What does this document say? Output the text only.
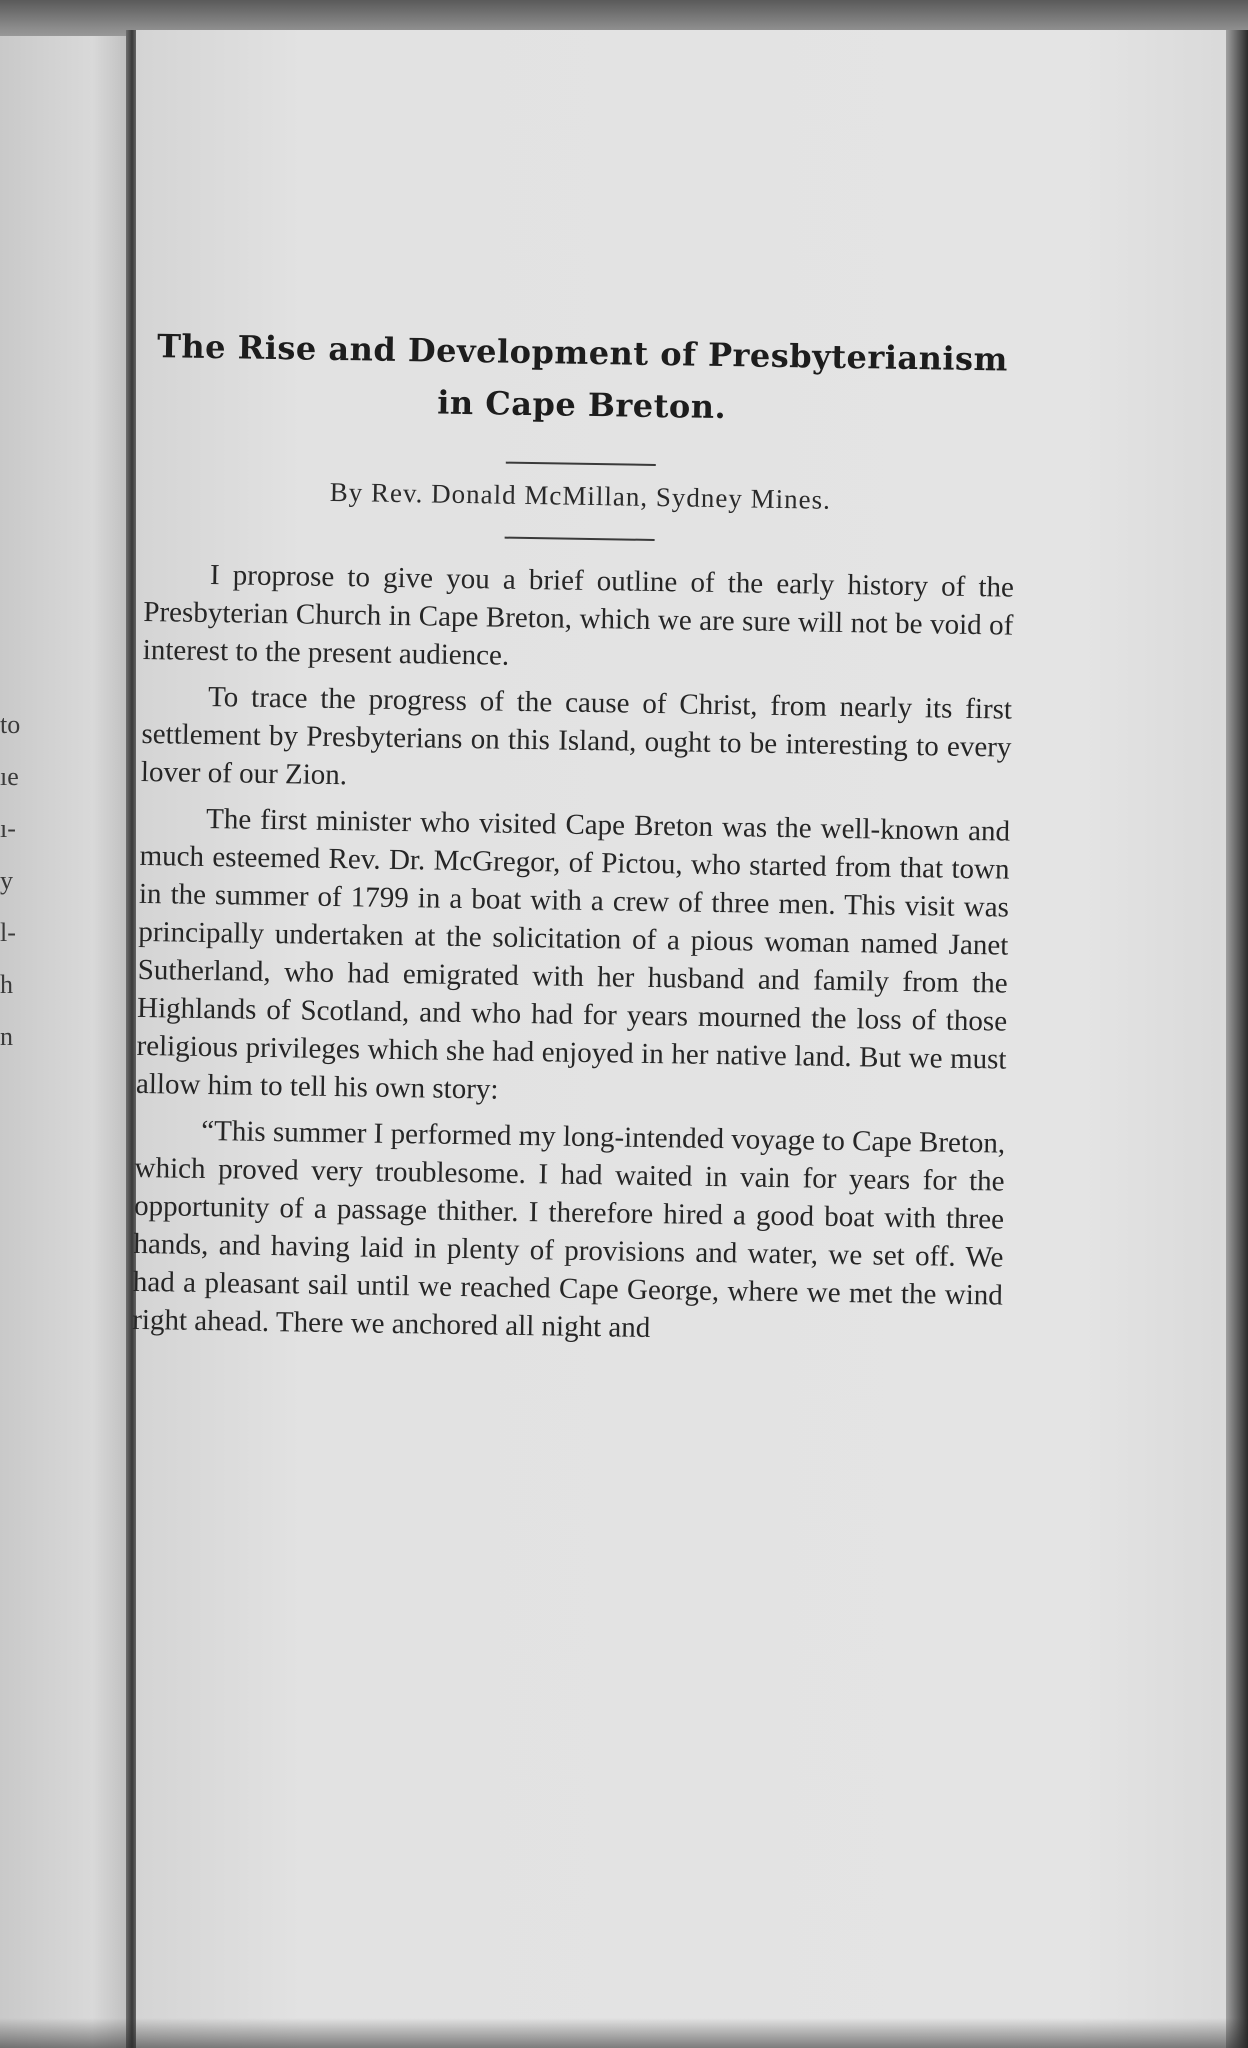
to
ıe
ı-
y
l-
h
n
The Rise and Development of Presbyterianism in Cape Breton.
By Rev. Donald McMillan, Sydney Mines.

I proprose to give you a brief outline of the early history of the Presbyterian Church in Cape Breton, which we are sure will not be void of interest to the present audience.

To trace the progress of the cause of Christ, from nearly its first settlement by Presbyterians on this Island, ought to be interesting to every lover of our Zion.

The first minister who visited Cape Breton was the well-known and much esteemed Rev. Dr. McGregor, of Pictou, who started from that town in the summer of 1799 in a boat with a crew of three men. This visit was principally undertaken at the solicitation of a pious woman named Janet Sutherland, who had emigrated with her husband and family from the Highlands of Scotland, and who had for years mourned the loss of those religious privileges which she had enjoyed in her native land. But we must allow him to tell his own story:

“This summer I performed my long-intended voyage to Cape Breton, which proved very troublesome. I had waited in vain for years for the opportunity of a passage thither. I therefore hired a good boat with three hands, and having laid in plenty of provisions and water, we set off. We had a pleasant sail until we reached Cape George, where we met the wind right ahead. There we anchored all night and
